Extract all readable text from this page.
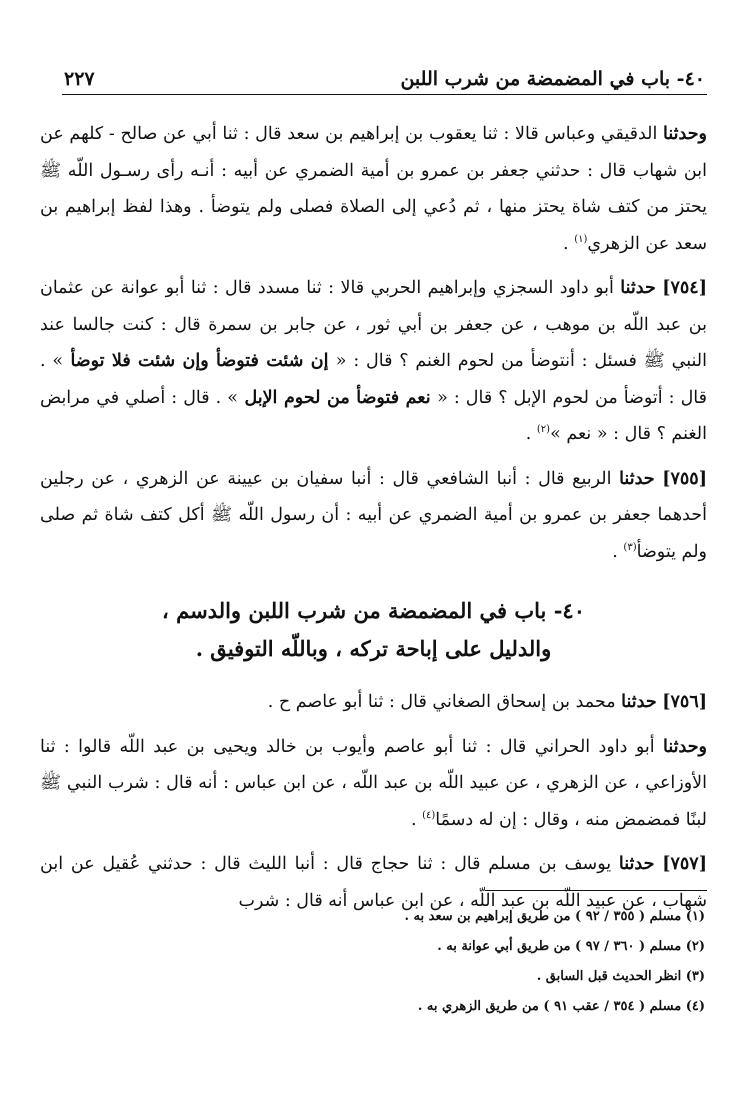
٤٠- باب في المضمضة من شرب اللبن
٢٢٧

وحدثنا الدقيقي وعباس قالا : ثنا يعقوب بن إبراهيم بن سعد قال : ثنا أبي عن صالح - كلهم عن ابن شهاب قال : حدثني جعفر بن عمرو بن أمية الضمري عن أبيه : أنـه رأى رسـول اللّه ﷺ يحتز من كتف شاة يحتز منها ، ثم دُعي إلى الصلاة فصلى ولم يتوضأ . وهذا لفظ إبراهيم بن سعد عن الزهري$^{(١)}$ .

[٧٥٤] حدثنا أبو داود السجزي وإبراهيم الحربي قالا : ثنا مسدد قال : ثنا أبو عوانة عن عثمان بن عبد اللّه بن موهب ، عن جعفر بن أبي ثور ، عن جابر بن سمرة قال : كنت جالسا عند النبي ﷺ فسئل : أنتوضأ من لحوم الغنم ؟ قال : « إن شئت فتوضأ وإن شئت فلا توضأ » . قال : أتوضأ من لحوم الإبل ؟ قال : « نعم فتوضأ من لحوم الإبل » . قال : أصلي في مرابض الغنم ؟ قال : « نعم »$^{(٢)}$ .

[٧٥٥] حدثنا الربيع قال : أنبا الشافعي قال : أنبا سفيان بن عيينة عن الزهري ، عن رجلين أحدهما جعفر بن عمرو بن أمية الضمري عن أبيه : أن رسول اللّه ﷺ أكل كتف شاة ثم صلى ولم يتوضأ$^{(٣)}$ .

٤٠- باب في المضمضة من شرب اللبن والدسم ،
والدليل على إباحة تركه ، وباللّه التوفيق .

[٧٥٦] حدثنا محمد بن إسحاق الصغاني قال : ثنا أبو عاصم ح .

وحدثنا أبو داود الحراني قال : ثنا أبو عاصم وأيوب بن خالد ويحيى بن عبد اللّه قالوا : ثنا الأوزاعي ، عن الزهري ، عن عبيد اللّه بن عبد اللّه ، عن ابن عباس : أنه قال : شرب النبي ﷺ لبنًا فمضمض منه ، وقال : إن له دسمًا$^{(٤)}$ .

[٧٥٧] حدثنا يوسف بن مسلم قال : ثنا حجاج قال : أنبا الليث قال : حدثني عُقيل عن ابن شهاب ، عن عبيد اللّه بن عبد اللّه ، عن ابن عباس أنه قال : شرب

(١) مسلم ( ٣٥٥ / ٩٢ ) من طريق إبراهيم بن سعد به .
(٢) مسلم ( ٣٦٠ / ٩٧ ) من طريق أبي عوانة به .
(٣) انظر الحديث قبل السابق .
(٤) مسلم ( ٣٥٤ / عقب ٩١ ) من طريق الزهري به .
